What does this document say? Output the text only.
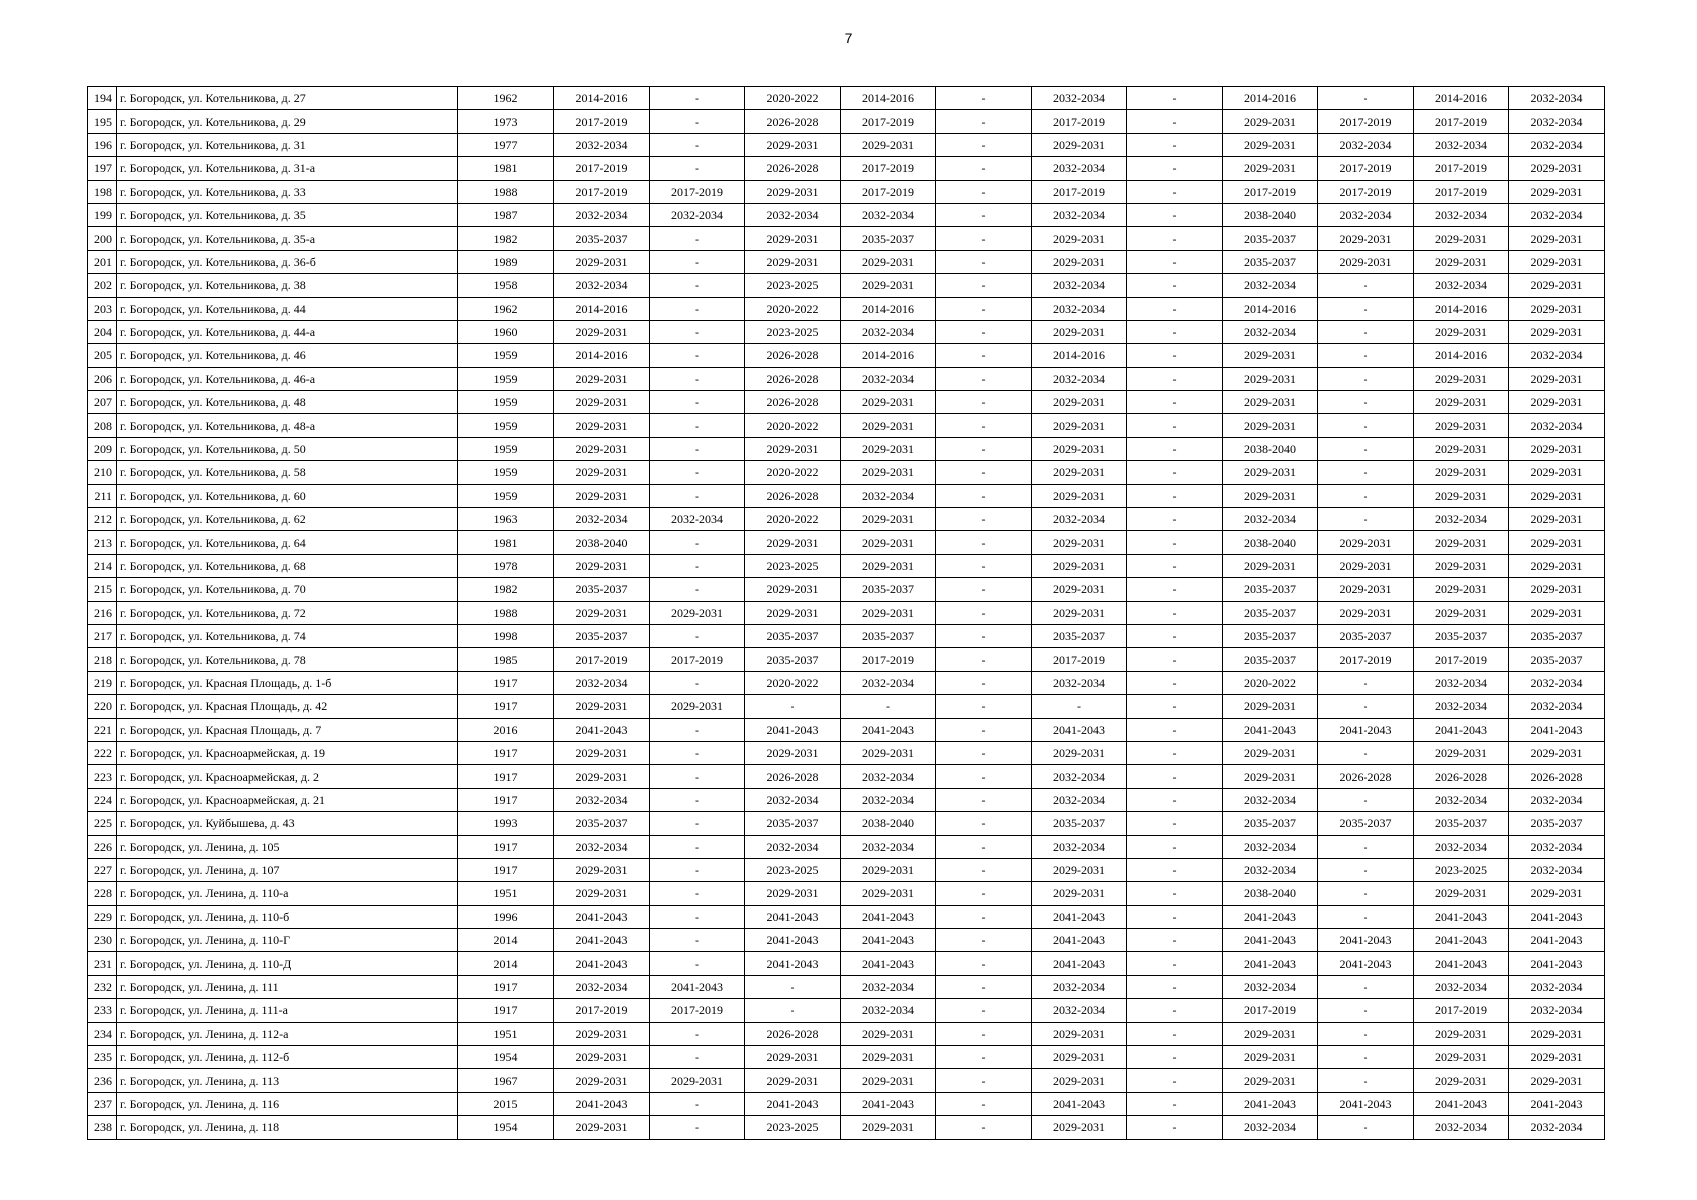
7
194	г. Богородск, ул. Котельникова, д. 27	1962	2014-2016	-	2020-2022	2014-2016	-	2032-2034	-	2014-2016	-	2014-2016	2032-2034
195	г. Богородск, ул. Котельникова, д. 29	1973	2017-2019	-	2026-2028	2017-2019	-	2017-2019	-	2029-2031	2017-2019	2017-2019	2032-2034
196	г. Богородск, ул. Котельникова, д. 31	1977	2032-2034	-	2029-2031	2029-2031	-	2029-2031	-	2029-2031	2032-2034	2032-2034	2032-2034
197	г. Богородск, ул. Котельникова, д. 31-а	1981	2017-2019	-	2026-2028	2017-2019	-	2032-2034	-	2029-2031	2017-2019	2017-2019	2029-2031
198	г. Богородск, ул. Котельникова, д. 33	1988	2017-2019	2017-2019	2029-2031	2017-2019	-	2017-2019	-	2017-2019	2017-2019	2017-2019	2029-2031
199	г. Богородск, ул. Котельникова, д. 35	1987	2032-2034	2032-2034	2032-2034	2032-2034	-	2032-2034	-	2038-2040	2032-2034	2032-2034	2032-2034
200	г. Богородск, ул. Котельникова, д. 35-а	1982	2035-2037	-	2029-2031	2035-2037	-	2029-2031	-	2035-2037	2029-2031	2029-2031	2029-2031
201	г. Богородск, ул. Котельникова, д. 36-б	1989	2029-2031	-	2029-2031	2029-2031	-	2029-2031	-	2035-2037	2029-2031	2029-2031	2029-2031
202	г. Богородск, ул. Котельникова, д. 38	1958	2032-2034	-	2023-2025	2029-2031	-	2032-2034	-	2032-2034	-	2032-2034	2029-2031
203	г. Богородск, ул. Котельникова, д. 44	1962	2014-2016	-	2020-2022	2014-2016	-	2032-2034	-	2014-2016	-	2014-2016	2029-2031
204	г. Богородск, ул. Котельникова, д. 44-а	1960	2029-2031	-	2023-2025	2032-2034	-	2029-2031	-	2032-2034	-	2029-2031	2029-2031
205	г. Богородск, ул. Котельникова, д. 46	1959	2014-2016	-	2026-2028	2014-2016	-	2014-2016	-	2029-2031	-	2014-2016	2032-2034
206	г. Богородск, ул. Котельникова, д. 46-а	1959	2029-2031	-	2026-2028	2032-2034	-	2032-2034	-	2029-2031	-	2029-2031	2029-2031
207	г. Богородск, ул. Котельникова, д. 48	1959	2029-2031	-	2026-2028	2029-2031	-	2029-2031	-	2029-2031	-	2029-2031	2029-2031
208	г. Богородск, ул. Котельникова, д. 48-а	1959	2029-2031	-	2020-2022	2029-2031	-	2029-2031	-	2029-2031	-	2029-2031	2032-2034
209	г. Богородск, ул. Котельникова, д. 50	1959	2029-2031	-	2029-2031	2029-2031	-	2029-2031	-	2038-2040	-	2029-2031	2029-2031
210	г. Богородск, ул. Котельникова, д. 58	1959	2029-2031	-	2020-2022	2029-2031	-	2029-2031	-	2029-2031	-	2029-2031	2029-2031
211	г. Богородск, ул. Котельникова, д. 60	1959	2029-2031	-	2026-2028	2032-2034	-	2029-2031	-	2029-2031	-	2029-2031	2029-2031
212	г. Богородск, ул. Котельникова, д. 62	1963	2032-2034	2032-2034	2020-2022	2029-2031	-	2032-2034	-	2032-2034	-	2032-2034	2029-2031
213	г. Богородск, ул. Котельникова, д. 64	1981	2038-2040	-	2029-2031	2029-2031	-	2029-2031	-	2038-2040	2029-2031	2029-2031	2029-2031
214	г. Богородск, ул. Котельникова, д. 68	1978	2029-2031	-	2023-2025	2029-2031	-	2029-2031	-	2029-2031	2029-2031	2029-2031	2029-2031
215	г. Богородск, ул. Котельникова, д. 70	1982	2035-2037	-	2029-2031	2035-2037	-	2029-2031	-	2035-2037	2029-2031	2029-2031	2029-2031
216	г. Богородск, ул. Котельникова, д. 72	1988	2029-2031	2029-2031	2029-2031	2029-2031	-	2029-2031	-	2035-2037	2029-2031	2029-2031	2029-2031
217	г. Богородск, ул. Котельникова, д. 74	1998	2035-2037	-	2035-2037	2035-2037	-	2035-2037	-	2035-2037	2035-2037	2035-2037	2035-2037
218	г. Богородск, ул. Котельникова, д. 78	1985	2017-2019	2017-2019	2035-2037	2017-2019	-	2017-2019	-	2035-2037	2017-2019	2017-2019	2035-2037
219	г. Богородск, ул. Красная Площадь, д. 1-б	1917	2032-2034	-	2020-2022	2032-2034	-	2032-2034	-	2020-2022	-	2032-2034	2032-2034
220	г. Богородск, ул. Красная Площадь, д. 42	1917	2029-2031	2029-2031	-	-	-	-	-	2029-2031	-	2032-2034	2032-2034
221	г. Богородск, ул. Красная Площадь, д. 7	2016	2041-2043	-	2041-2043	2041-2043	-	2041-2043	-	2041-2043	2041-2043	2041-2043	2041-2043
222	г. Богородск, ул. Красноармейская, д. 19	1917	2029-2031	-	2029-2031	2029-2031	-	2029-2031	-	2029-2031	-	2029-2031	2029-2031
223	г. Богородск, ул. Красноармейская, д. 2	1917	2029-2031	-	2026-2028	2032-2034	-	2032-2034	-	2029-2031	2026-2028	2026-2028	2026-2028
224	г. Богородск, ул. Красноармейская, д. 21	1917	2032-2034	-	2032-2034	2032-2034	-	2032-2034	-	2032-2034	-	2032-2034	2032-2034
225	г. Богородск, ул. Куйбышева, д. 43	1993	2035-2037	-	2035-2037	2038-2040	-	2035-2037	-	2035-2037	2035-2037	2035-2037	2035-2037
226	г. Богородск, ул. Ленина, д. 105	1917	2032-2034	-	2032-2034	2032-2034	-	2032-2034	-	2032-2034	-	2032-2034	2032-2034
227	г. Богородск, ул. Ленина, д. 107	1917	2029-2031	-	2023-2025	2029-2031	-	2029-2031	-	2032-2034	-	2023-2025	2032-2034
228	г. Богородск, ул. Ленина, д. 110-а	1951	2029-2031	-	2029-2031	2029-2031	-	2029-2031	-	2038-2040	-	2029-2031	2029-2031
229	г. Богородск, ул. Ленина, д. 110-б	1996	2041-2043	-	2041-2043	2041-2043	-	2041-2043	-	2041-2043	-	2041-2043	2041-2043
230	г. Богородск, ул. Ленина, д. 110-Г	2014	2041-2043	-	2041-2043	2041-2043	-	2041-2043	-	2041-2043	2041-2043	2041-2043	2041-2043
231	г. Богородск, ул. Ленина, д. 110-Д	2014	2041-2043	-	2041-2043	2041-2043	-	2041-2043	-	2041-2043	2041-2043	2041-2043	2041-2043
232	г. Богородск, ул. Ленина, д. 111	1917	2032-2034	2041-2043	-	2032-2034	-	2032-2034	-	2032-2034	-	2032-2034	2032-2034
233	г. Богородск, ул. Ленина, д. 111-а	1917	2017-2019	2017-2019	-	2032-2034	-	2032-2034	-	2017-2019	-	2017-2019	2032-2034
234	г. Богородск, ул. Ленина, д. 112-а	1951	2029-2031	-	2026-2028	2029-2031	-	2029-2031	-	2029-2031	-	2029-2031	2029-2031
235	г. Богородск, ул. Ленина, д. 112-б	1954	2029-2031	-	2029-2031	2029-2031	-	2029-2031	-	2029-2031	-	2029-2031	2029-2031
236	г. Богородск, ул. Ленина, д. 113	1967	2029-2031	2029-2031	2029-2031	2029-2031	-	2029-2031	-	2029-2031	-	2029-2031	2029-2031
237	г. Богородск, ул. Ленина, д. 116	2015	2041-2043	-	2041-2043	2041-2043	-	2041-2043	-	2041-2043	2041-2043	2041-2043	2041-2043
238	г. Богородск, ул. Ленина, д. 118	1954	2029-2031	-	2023-2025	2029-2031	-	2029-2031	-	2032-2034	-	2032-2034	2032-2034
